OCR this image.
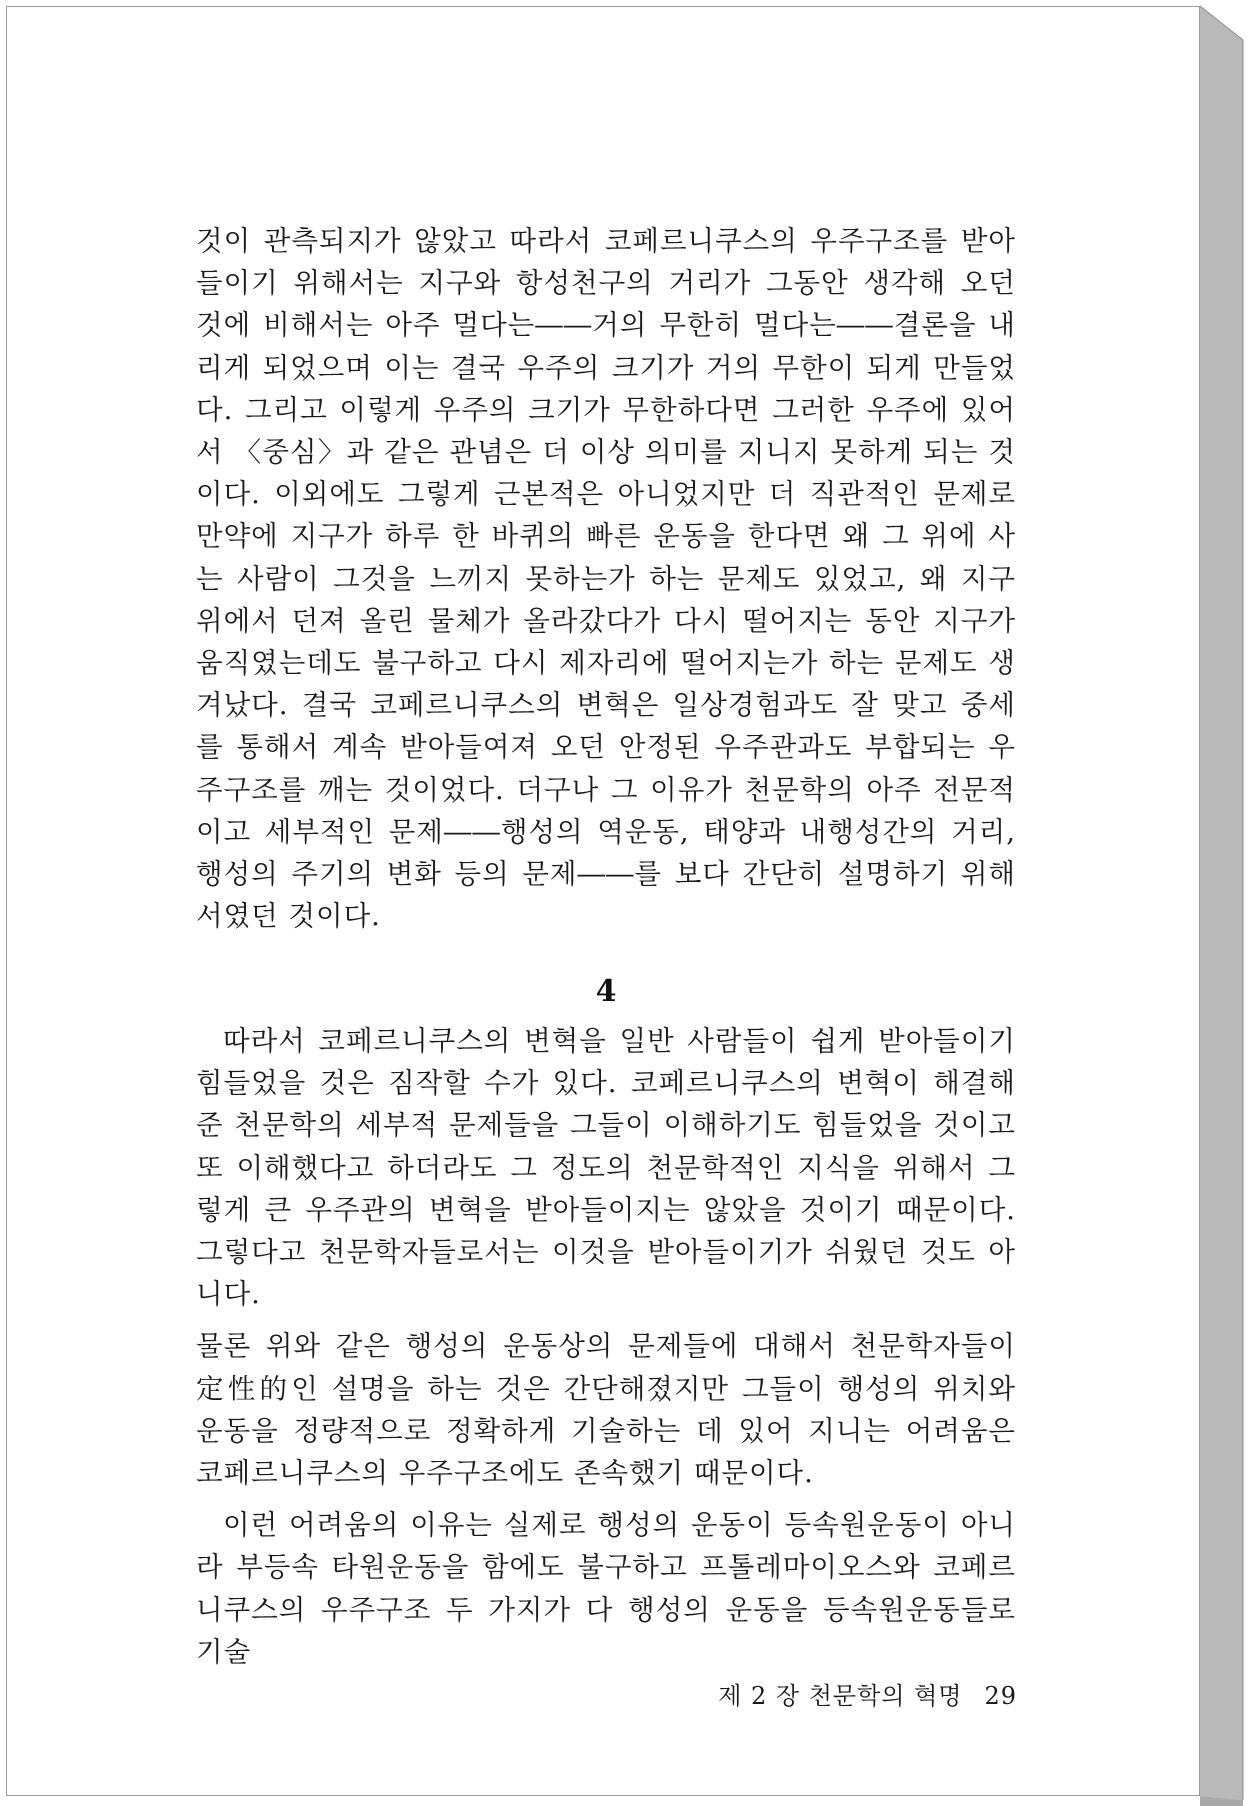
것이 관측되지가 않았고 따라서 코페르니쿠스의 우주구조를 받아들이기 위해서는 지구와 항성천구의 거리가 그동안 생각해 오던 것에 비해서는 아주 멀다는――거의 무한히 멀다는――결론을 내리게 되었으며 이는 결국 우주의 크기가 거의 무한이 되게 만들었다. 그리고 이렇게 우주의 크기가 무한하다면 그러한 우주에 있어서 〈중심〉과 같은 관념은 더 이상 의미를 지니지 못하게 되는 것이다. 이외에도 그렇게 근본적은 아니었지만 더 직관적인 문제로 만약에 지구가 하루 한 바퀴의 빠른 운동을 한다면 왜 그 위에 사는 사람이 그것을 느끼지 못하는가 하는 문제도 있었고, 왜 지구 위에서 던져 올린 물체가 올라갔다가 다시 떨어지는 동안 지구가 움직였는데도 불구하고 다시 제자리에 떨어지는가 하는 문제도 생겨났다. 결국 코페르니쿠스의 변혁은 일상경험과도 잘 맞고 중세를 통해서 계속 받아들여져 오던 안정된 우주관과도 부합되는 우주구조를 깨는 것이었다. 더구나 그 이유가 천문학의 아주 전문적이고 세부적인 문제――행성의 역운동, 태양과 내행성간의 거리, 행성의 주기의 변화 등의 문제――를 보다 간단히 설명하기 위해서였던 것이다.

4

따라서 코페르니쿠스의 변혁을 일반 사람들이 쉽게 받아들이기 힘들었을 것은 짐작할 수가 있다. 코페르니쿠스의 변혁이 해결해 준 천문학의 세부적 문제들을 그들이 이해하기도 힘들었을 것이고 또 이해했다고 하더라도 그 정도의 천문학적인 지식을 위해서 그렇게 큰 우주관의 변혁을 받아들이지는 않았을 것이기 때문이다. 그렇다고 천문학자들로서는 이것을 받아들이기가 쉬웠던 것도 아니다.

물론 위와 같은 행성의 운동상의 문제들에 대해서 천문학자들이 定性的인 설명을 하는 것은 간단해졌지만 그들이 행성의 위치와 운동을 정량적으로 정확하게 기술하는 데 있어 지니는 어려움은 코페르니쿠스의 우주구조에도 존속했기 때문이다.

이런 어려움의 이유는 실제로 행성의 운동이 등속원운동이 아니라 부등속 타원운동을 함에도 불구하고 프톨레마이오스와 코페르니쿠스의 우주구조 두 가지가 다 행성의 운동을 등속원운동들로 기술

제 2 장 천문학의 혁명 29
